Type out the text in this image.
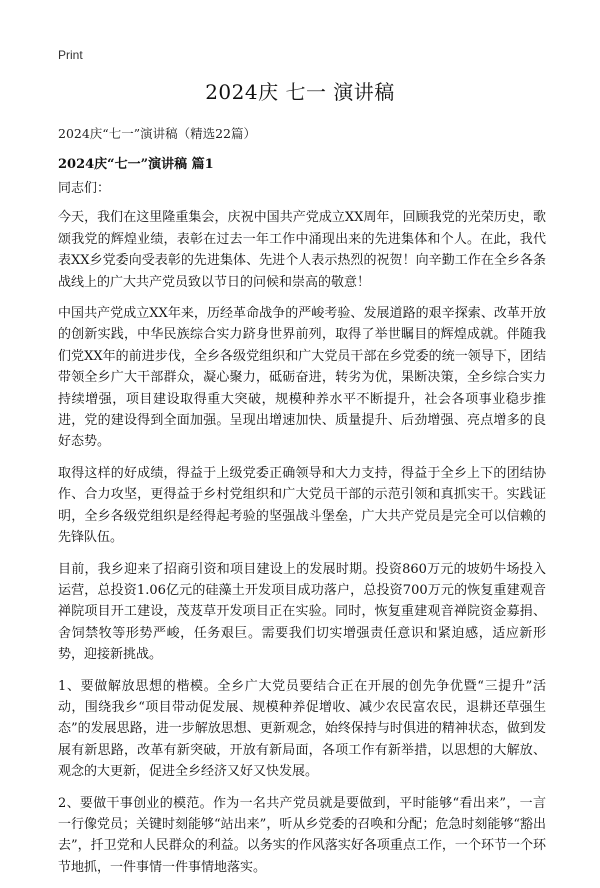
Print
2024庆 七一 演讲稿
2024庆“七一”演讲稿（精选22篇）
2024庆“七一”演讲稿 篇1

同志们：

今天，我们在这里隆重集会，庆祝中国共产党成立XX周年，回顾我党的光荣历史，歌颂我党的辉煌业绩，表彰在过去一年工作中涌现出来的先进集体和个人。在此，我代表XX乡党委向受表彰的先进集体、先进个人表示热烈的祝贺！向辛勤工作在全乡各条战线上的广大共产党员致以节日的问候和崇高的敬意！

中国共产党成立XX年来，历经革命战争的严峻考验、发展道路的艰辛探索、改革开放的创新实践，中华民族综合实力跻身世界前列，取得了举世瞩目的辉煌成就。伴随我们党XX年的前进步伐，全乡各级党组织和广大党员干部在乡党委的统一领导下，团结带领全乡广大干部群众，凝心聚力，砥砺奋进，转劣为优，果断决策，全乡综合实力持续增强，项目建设取得重大突破，规模种养水平不断提升，社会各项事业稳步推进，党的建设得到全面加强。呈现出增速加快、质量提升、后劲增强、亮点增多的良好态势。

取得这样的好成绩，得益于上级党委正确领导和大力支持，得益于全乡上下的团结协作、合力攻坚，更得益于乡村党组织和广大党员干部的示范引领和真抓实干。实践证明，全乡各级党组织是经得起考验的坚强战斗堡垒，广大共产党员是完全可以信赖的先锋队伍。

目前，我乡迎来了招商引资和项目建设上的发展时期。投资860万元的坡奶牛场投入运营，总投资1.06亿元的硅藻土开发项目成功落户，总投资700万元的恢复重建观音禅院项目开工建设，茂芨草开发项目正在实验。同时，恢复重建观音禅院资金募捐、舍饲禁牧等形势严峻，任务艰巨。需要我们切实增强责任意识和紧迫感，适应新形势，迎接新挑战。

1、要做解放思想的楷模。全乡广大党员要结合正在开展的创先争优暨“三提升”活动，围绕我乡“项目带动促发展、规模种养促增收、减少农民富农民，退耕还草强生态”的发展思路，进一步解放思想、更新观念，始终保持与时俱进的精神状态，做到发展有新思路，改革有新突破，开放有新局面，各项工作有新举措，以思想的大解放、观念的大更新，促进全乡经济又好又快发展。

2、要做干事创业的模范。作为一名共产党员就是要做到，平时能够“看出来”，一言一行像党员；关键时刻能够“站出来”，听从乡党委的召唤和分配；危急时刻能够“豁出去”，扦卫党和人民群众的利益。以务实的作风落实好各项重点工作，一个环节一个环节地抓，一件事情一件事情地落实。
